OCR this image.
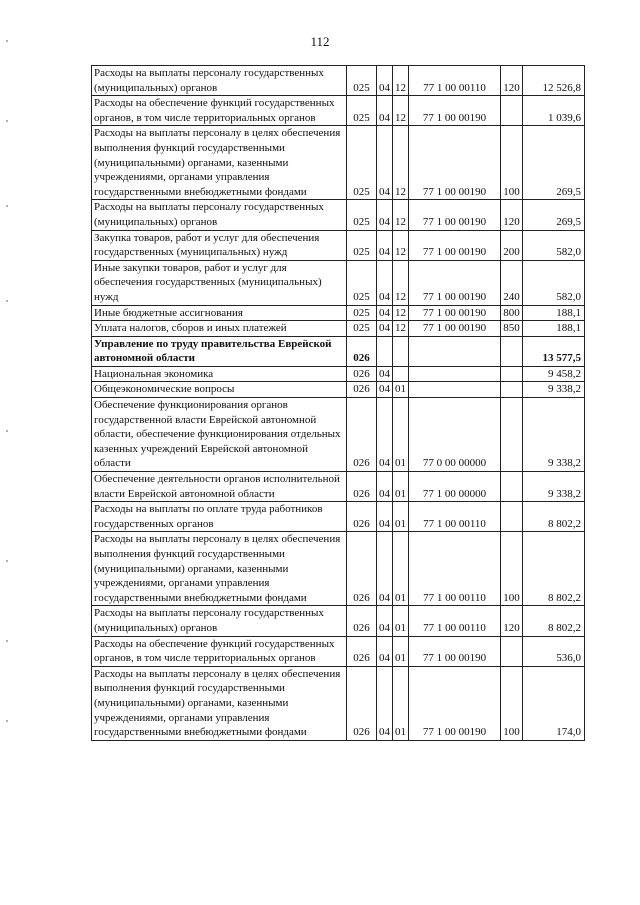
112
Расходы на выплаты персоналу государственных (муниципальных) органов	025	04	12	77 1 00 00110	120	12 526,8
Расходы на обеспечение функций государственных органов, в том числе территориальных органов	025	04	12	77 1 00 00190		1 039,6
Расходы на выплаты персоналу в целях обеспечения выполнения функций государственными (муниципальными) органами, казенными учреждениями, органами управления государственными внебюджетными фондами	025	04	12	77 1 00 00190	100	269,5
Расходы на выплаты персоналу государственных (муниципальных) органов	025	04	12	77 1 00 00190	120	269,5
Закупка товаров, работ и услуг для обеспечения государственных (муниципальных) нужд	025	04	12	77 1 00 00190	200	582,0
Иные закупки товаров, работ и услуг для обеспечения государственных (муниципальных) нужд	025	04	12	77 1 00 00190	240	582,0
Иные бюджетные ассигнования	025	04	12	77 1 00 00190	800	188,1
Уплата налогов, сборов и иных платежей	025	04	12	77 1 00 00190	850	188,1
Управление по труду правительства Еврейской автономной области	026					13 577,5
Национальная экономика	026	04				9 458,2
Общеэкономические вопросы	026	04	01			9 338,2
Обеспечение функционирования органов государственной власти Еврейской автономной области, обеспечение функционирования отдельных казенных учреждений Еврейской автономной области	026	04	01	77 0 00 00000		9 338,2
Обеспечение деятельности органов исполнительной власти Еврейской автономной области	026	04	01	77 1 00 00000		9 338,2
Расходы на выплаты по оплате труда работников государственных органов	026	04	01	77 1 00 00110		8 802,2
Расходы на выплаты персоналу в целях обеспечения выполнения функций государственными (муниципальными) органами, казенными учреждениями, органами управления государственными внебюджетными фондами	026	04	01	77 1 00 00110	100	8 802,2
Расходы на выплаты персоналу государственных (муниципальных) органов	026	04	01	77 1 00 00110	120	8 802,2
Расходы на обеспечение функций государственных органов, в том числе территориальных органов	026	04	01	77 1 00 00190		536,0
Расходы на выплаты персоналу в целях обеспечения выполнения функций государственными (муниципальными) органами, казенными учреждениями, органами управления государственными внебюджетными фондами	026	04	01	77 1 00 00190	100	174,0
